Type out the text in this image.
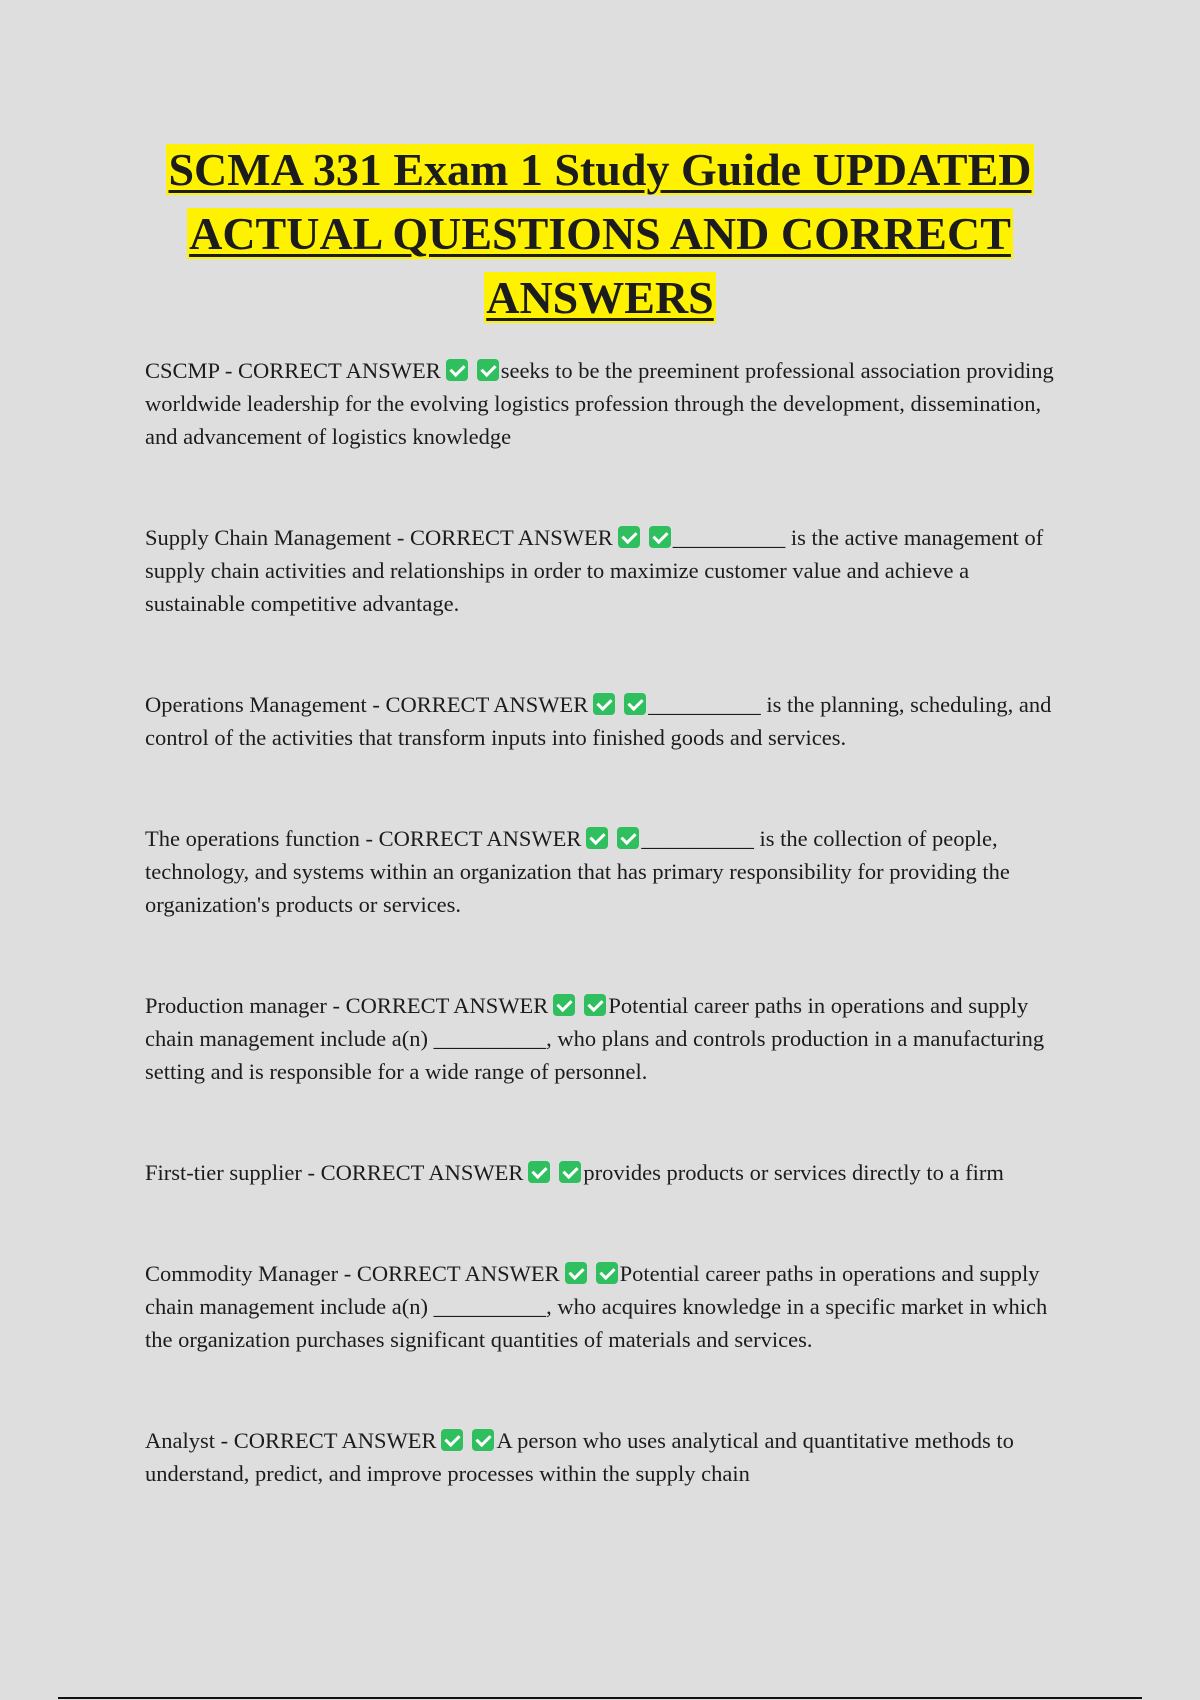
SCMA 331 Exam 1 Study Guide UPDATED
ACTUAL QUESTIONS AND CORRECT
ANSWERS

CSCMP - CORRECT ANSWER	seeks to be the preeminent professional association providing worldwide leadership for the evolving logistics profession through the development, dissemination, and advancement of logistics knowledge

Supply Chain Management - CORRECT ANSWER	__________ is the active management of supply chain activities and relationships in order to maximize customer value and achieve a sustainable competitive advantage.

Operations Management - CORRECT ANSWER	__________ is the planning, scheduling, and control of the activities that transform inputs into finished goods and services.

The operations function - CORRECT ANSWER	__________ is the collection of people, technology, and systems within an organization that has primary responsibility for providing the organization's products or services.

Production manager - CORRECT ANSWER	Potential career paths in operations and supply chain management include a(n) __________, who plans and controls production in a manufacturing setting and is responsible for a wide range of personnel.

First-tier supplier - CORRECT ANSWER	provides products or services directly to a firm

Commodity Manager - CORRECT ANSWER	Potential career paths in operations and supply chain management include a(n) __________, who acquires knowledge in a specific market in which the organization purchases significant quantities of materials and services.

Analyst - CORRECT ANSWER	A person who uses analytical and quantitative methods to understand, predict, and improve processes within the supply chain
